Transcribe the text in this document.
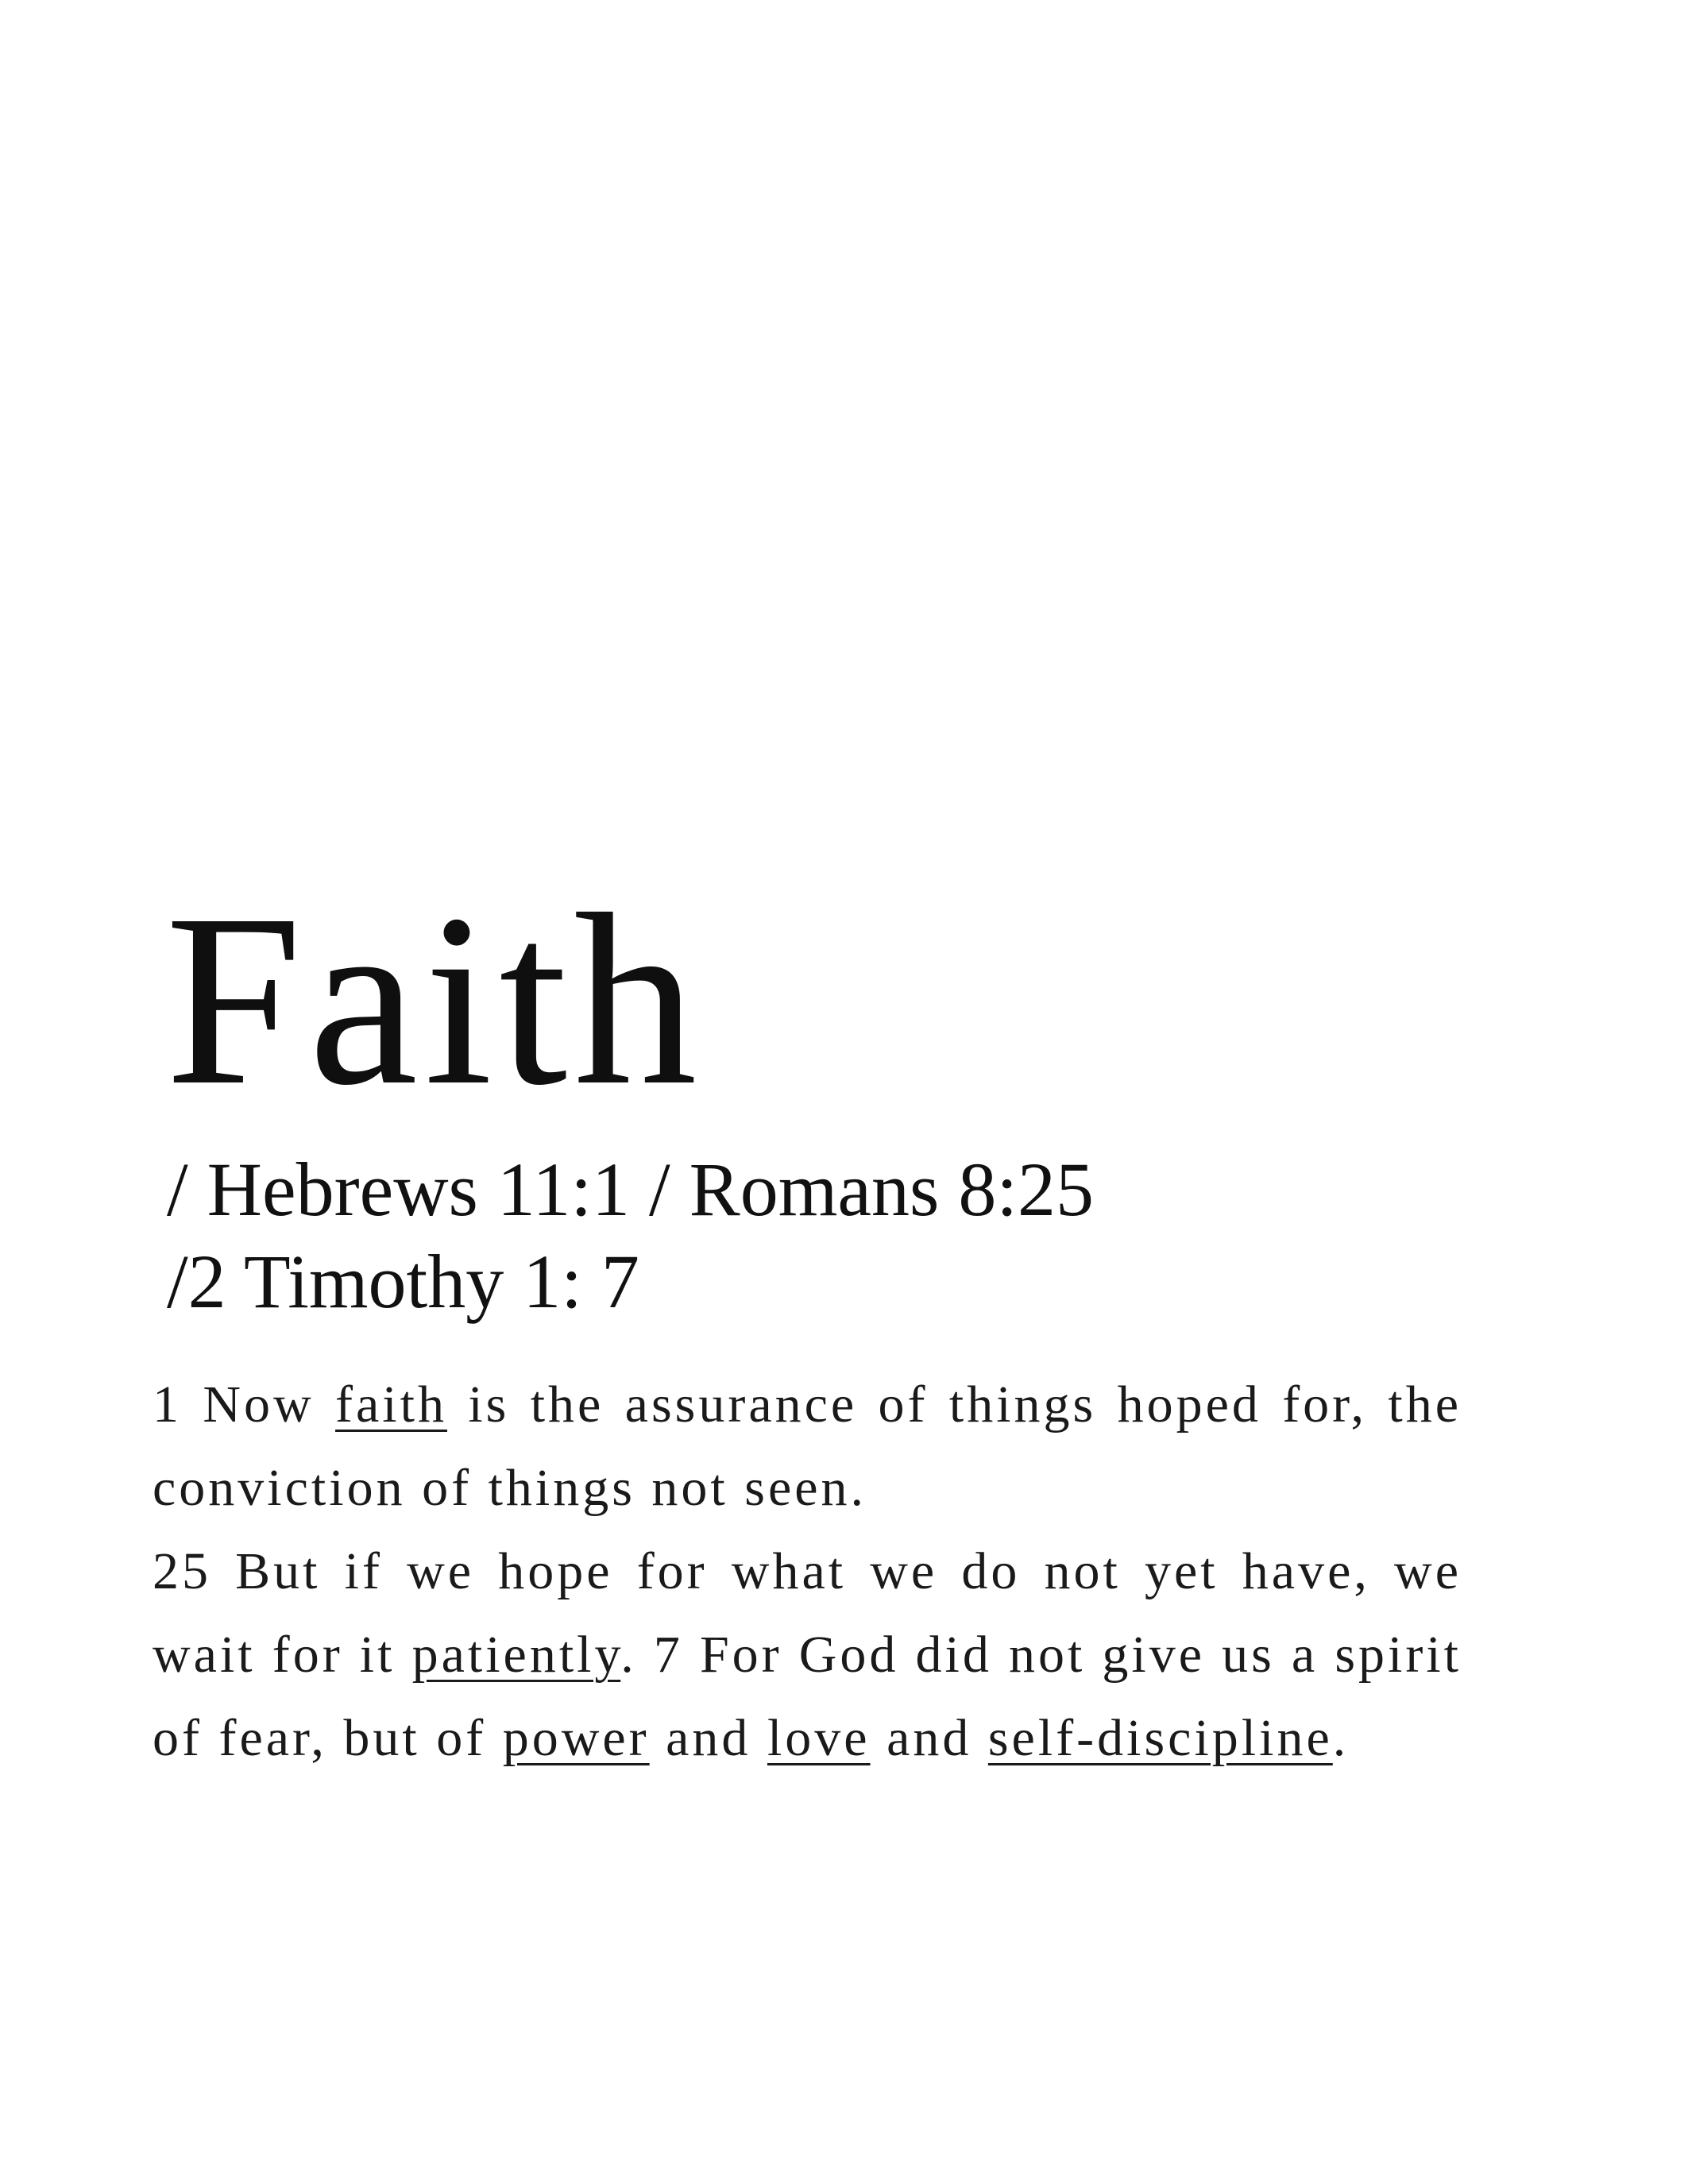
Faith
/ Hebrews 11:1 / Romans 8:25
/2 Timothy 1: 7

1 Now faith is the assurance of things hoped for, the conviction of things not seen.
25 But if we hope for what we do not yet have, we wait for it patiently. 7 For God did not give us a spirit of fear, but of power and love and self-discipline.
